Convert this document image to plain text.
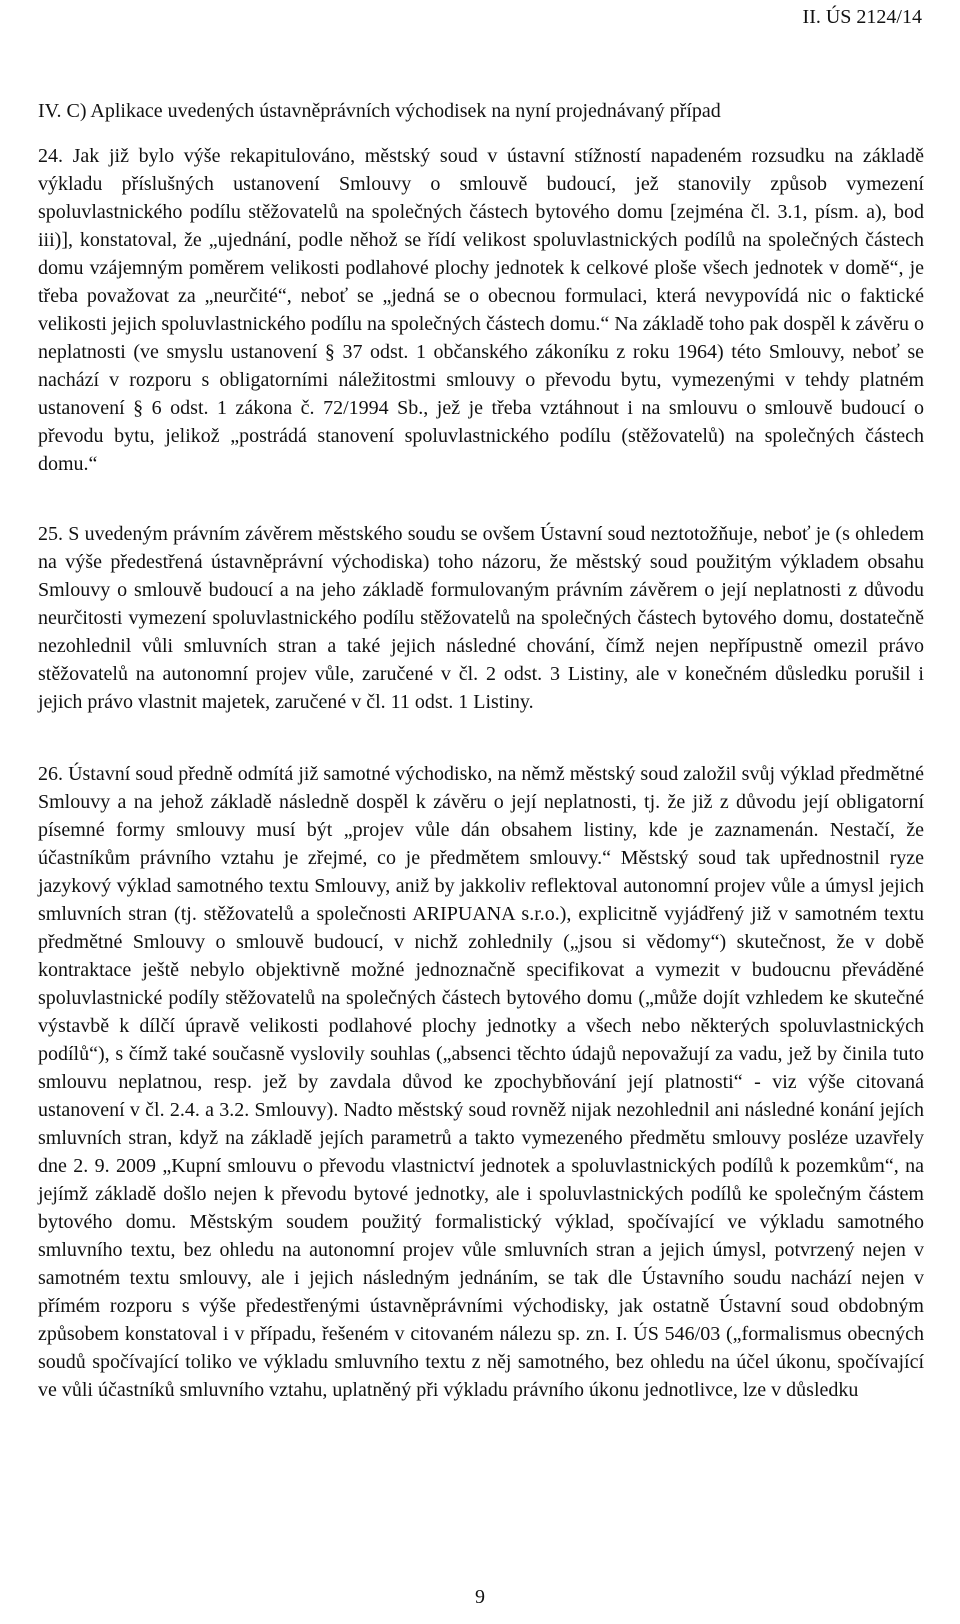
II. ÚS 2124/14
IV. C) Aplikace uvedených ústavněprávních východisek na nyní projednávaný případ

24. Jak již bylo výše rekapitulováno, městský soud v ústavní stížností napadeném rozsudku na základě výkladu příslušných ustanovení Smlouvy o smlouvě budoucí, jež stanovily způsob vymezení spoluvlastnického podílu stěžovatelů na společných částech bytového domu [zejména čl. 3.1, písm. a), bod iii)], konstatoval, že „ujednání, podle něhož se řídí velikost spoluvlastnických podílů na společných částech domu vzájemným poměrem velikosti podlahové plochy jednotek k celkové ploše všech jednotek v domě“, je třeba považovat za „neurčité“, neboť se „jedná se o obecnou formulaci, která nevypovídá nic o faktické velikosti jejich spoluvlastnického podílu na společných částech domu.“ Na základě toho pak dospěl k závěru o neplatnosti (ve smyslu ustanovení § 37 odst. 1 občanského zákoníku z roku 1964) této Smlouvy, neboť se nachází v rozporu s obligatorními náležitostmi smlouvy o převodu bytu, vymezenými v tehdy platném ustanovení § 6 odst. 1 zákona č. 72/1994 Sb., jež je třeba vztáhnout i na smlouvu o smlouvě budoucí o převodu bytu, jelikož „postrádá stanovení spoluvlastnického podílu (stěžovatelů) na společných částech domu.“

25. S uvedeným právním závěrem městského soudu se ovšem Ústavní soud neztotožňuje, neboť je (s ohledem na výše předestřená ústavněprávní východiska) toho názoru, že městský soud použitým výkladem obsahu Smlouvy o smlouvě budoucí a na jeho základě formulovaným právním závěrem o její neplatnosti z důvodu neurčitosti vymezení spoluvlastnického podílu stěžovatelů na společných částech bytového domu, dostatečně nezohlednil vůli smluvních stran a také jejich následné chování, čímž nejen nepřípustně omezil právo stěžovatelů na autonomní projev vůle, zaručené v čl. 2 odst. 3 Listiny, ale v konečném důsledku porušil i jejich právo vlastnit majetek, zaručené v čl. 11 odst. 1 Listiny.

26. Ústavní soud předně odmítá již samotné východisko, na němž městský soud založil svůj výklad předmětné Smlouvy a na jehož základě následně dospěl k závěru o její neplatnosti, tj. že již z důvodu její obligatorní písemné formy smlouvy musí být „projev vůle dán obsahem listiny, kde je zaznamenán. Nestačí, že účastníkům právního vztahu je zřejmé, co je předmětem smlouvy.“ Městský soud tak upřednostnil ryze jazykový výklad samotného textu Smlouvy, aniž by jakkoliv reflektoval autonomní projev vůle a úmysl jejich smluvních stran (tj. stěžovatelů a společnosti ARIPUANA s.r.o.), explicitně vyjádřený již v samotném textu předmětné Smlouvy o smlouvě budoucí, v nichž zohlednily („jsou si vědomy“) skutečnost, že v době kontraktace ještě nebylo objektivně možné jednoznačně specifikovat a vymezit v budoucnu převáděné spoluvlastnické podíly stěžovatelů na společných částech bytového domu („může dojít vzhledem ke skutečné výstavbě k dílčí úpravě velikosti podlahové plochy jednotky a všech nebo některých spoluvlastnických podílů“), s čímž také současně vyslovily souhlas („absenci těchto údajů nepovažují za vadu, jež by činila tuto smlouvu neplatnou, resp. jež by zavdala důvod ke zpochybňování její platnosti“ - viz výše citovaná ustanovení v čl. 2.4. a 3.2. Smlouvy). Nadto městský soud rovněž nijak nezohlednil ani následné konání jejích smluvních stran, když na základě jejích parametrů a takto vymezeného předmětu smlouvy posléze uzavřely dne 2. 9. 2009 „Kupní smlouvu o převodu vlastnictví jednotek a spoluvlastnických podílů k pozemkům“, na jejímž základě došlo nejen k převodu bytové jednotky, ale i spoluvlastnických podílů ke společným částem bytového domu. Městským soudem použitý formalistický výklad, spočívající ve výkladu samotného smluvního textu, bez ohledu na autonomní projev vůle smluvních stran a jejich úmysl, potvrzený nejen v samotném textu smlouvy, ale i jejich následným jednáním, se tak dle Ústavního soudu nachází nejen v přímém rozporu s výše předestřenými ústavněprávními východisky, jak ostatně Ústavní soud obdobným způsobem konstatoval i v případu, řešeném v citovaném nálezu sp. zn. I. ÚS 546/03 („formalismus obecných soudů spočívající toliko ve výkladu smluvního textu z něj samotného, bez ohledu na účel úkonu, spočívající ve vůli účastníků smluvního vztahu, uplatněný při výkladu právního úkonu jednotlivce, lze v důsledku

9
